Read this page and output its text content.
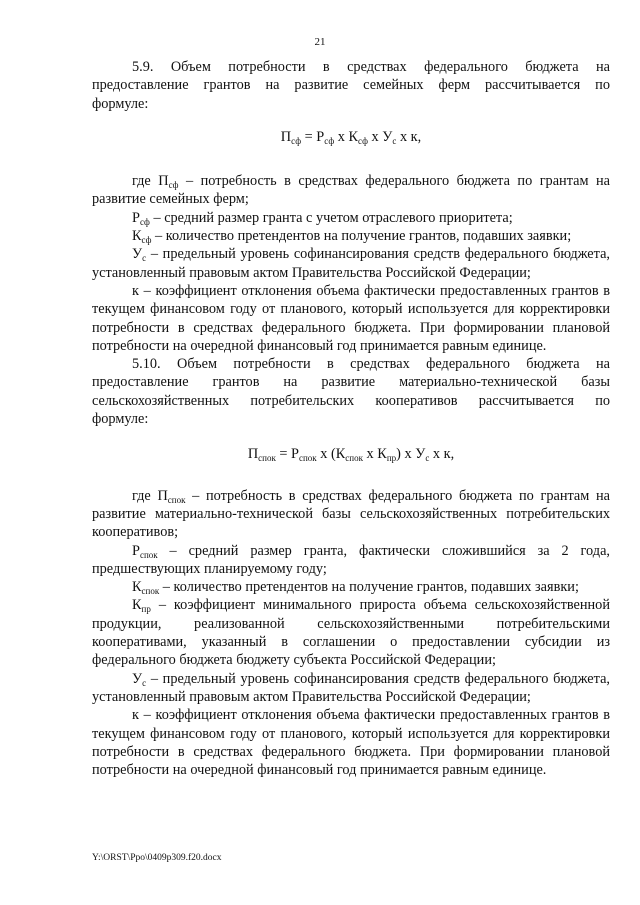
21

5.9. Объем потребности в средствах федерального бюджета на предоставление грантов на развитие семейных ферм рассчитывается по формуле:

$П_{сф} = Р_{сф}$ x $К_{сф}$ x $У_с$ x к,

где $П_{сф}$ – потребность в средствах федерального бюджета по грантам на развитие семейных ферм;

$Р_{сф}$ – средний размер гранта с учетом отраслевого приоритета;

$К_{сф}$ – количество претендентов на получение грантов, подавших заявки;

$У_с$ – предельный уровень софинансирования средств федерального бюджета, установленный правовым актом Правительства Российской Федерации;

к – коэффициент отклонения объема фактически предоставленных грантов в текущем финансовом году от планового, который используется для корректировки потребности в средствах федерального бюджета. При формировании плановой потребности на очередной финансовый год принимается равным единице.

5.10. Объем потребности в средствах федерального бюджета на предоставление грантов на развитие материально-технической базы сельскохозяйственных потребительских кооперативов рассчитывается по формуле:

$П_{спок} = Р_{спок}$ x ($К_{спок}$ x $К_{пр}$) x $У_с$ x к,

где $П_{спок}$ – потребность в средствах федерального бюджета по грантам на развитие материально-технической базы сельскохозяйственных потребительских кооперативов;

$Р_{спок}$ – средний размер гранта, фактически сложившийся за 2 года, предшествующих планируемому году;

$К_{спок}$ – количество претендентов на получение грантов, подавших заявки;

$К_{пр}$ – коэффициент минимального прироста объема сельскохозяйственной продукции, реализованной сельскохозяйственными потребительскими кооперативами, указанный в соглашении о предоставлении субсидии из федерального бюджета бюджету субъекта Российской Федерации;

$У_с$ – предельный уровень софинансирования средств федерального бюджета, установленный правовым актом Правительства Российской Федерации;

к – коэффициент отклонения объема фактически предоставленных грантов в текущем финансовом году от планового, который используется для корректировки потребности в средствах федерального бюджета. При формировании плановой потребности на очередной финансовый год принимается равным единице.

Y:\ORST\Ppo\0409p309.f20.docx
